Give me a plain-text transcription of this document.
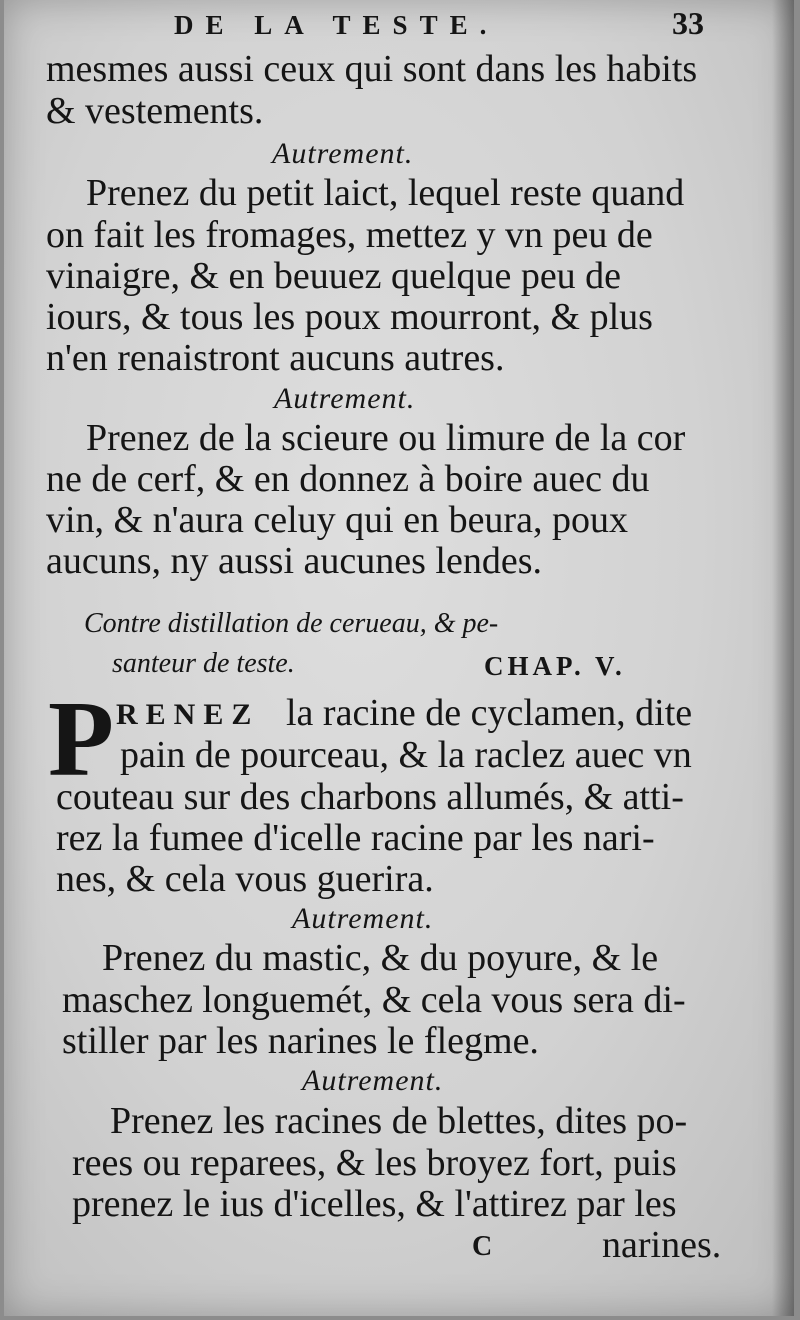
DE LA TESTE.	33
mesmes aussi ceux qui sont dans les habits
& vestements.
Autrement.
Prenez du petit laict, lequel reste quand
on fait les fromages, mettez y vn peu de
vinaigre, & en beuuez quelque peu de
iours, & tous les poux mourront, & plus
n'en renaistront aucuns autres.
Autrement.
Prenez de la scieure ou limure de la cor
ne de cerf, & en donnez à boire auec du
vin, & n'aura celuy qui en beura, poux
aucuns, ny aussi aucunes lendes.
Contre distillation de cerueau, & pe-
santeur de teste.	CHAP. V.
P RENEZ la racine de cyclamen, dite
pain de pourceau, & la raclez auec vn
couteau sur des charbons allumés, & atti-
rez la fumee d'icelle racine par les nari-
nes, & cela vous guerira.
Autrement.
Prenez du mastic, & du poyure, & le
maschez longuemét, & cela vous sera di-
stiller par les narines le flegme.
Autrement.
Prenez les racines de blettes, dites po-
rees ou reparees, & les broyez fort, puis
prenez le ius d'icelles, & l'attirez par les
C	narines.
